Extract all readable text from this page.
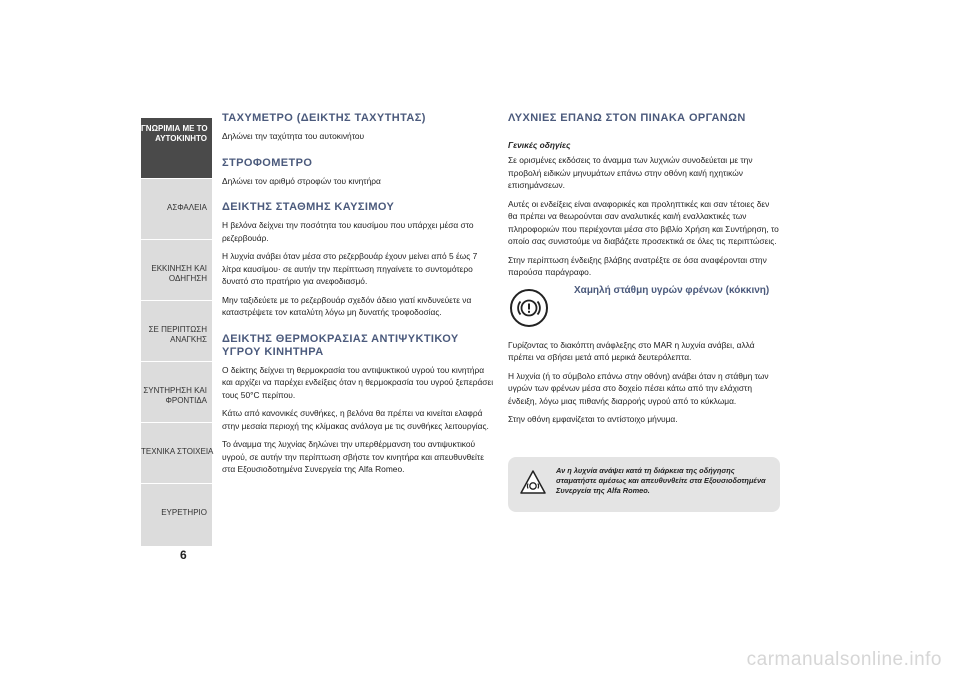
ΓΝΩΡΙΜΙΑ ΜΕ ΤΟ
ΑΥΤΟΚΙΝΗΤΟ
ΑΣΦΑΛΕΙΑ
ΕΚΚΙΝΗΣΗ ΚΑΙ
ΟΔΗΓΗΣΗ
ΣΕ ΠΕΡΙΠΤΩΣΗ
ΑΝΑΓΚΗΣ
ΣΥΝΤΗΡΗΣΗ ΚΑΙ
ΦΡΟΝΤΙΔΑ
ΤΕΧΝΙΚΑ ΣΤΟΙΧΕΙΑ
ΕΥΡΕΤΗΡΙΟ
6
ΤΑΧΥΜΕΤΡΟ (ΔΕΙΚΤΗΣ ΤΑΧΥΤΗΤΑΣ)

Δηλώνει την ταχύτητα του αυτοκινήτου

ΣΤΡΟΦΟΜΕΤΡΟ

Δηλώνει τον αριθμό στροφών του κινητήρα

ΔΕΙΚΤΗΣ ΣΤΑΘΜΗΣ ΚΑΥΣΙΜΟΥ

Η βελόνα δείχνει την ποσότητα του καυσίμου που υπάρχει μέσα στο ρεζερβουάρ.

Η λυχνία ανάβει όταν μέσα στο ρεζερβουάρ έχουν μείνει από 5 έως 7 λίτρα καυσίμου· σε αυτήν την περίπτωση πηγαίνετε το συντομότερο δυνατό στο πρατήριο για ανεφοδιασμό.

Μην ταξιδεύετε με το ρεζερβουάρ σχεδόν άδειο γιατί κινδυνεύετε να καταστρέψετε τον καταλύτη λόγω μη δυνατής τροφοδοσίας.

ΔΕΙΚΤΗΣ ΘΕΡΜΟΚΡΑΣΙΑΣ ΑΝΤΙΨΥΚΤΙΚΟΥ ΥΓΡΟΥ ΚΙΝΗΤΗΡΑ

Ο δείκτης δείχνει τη θερμοκρασία του αντιψυκτικού υγρού του κινητήρα και αρχίζει να παρέχει ενδείξεις όταν η θερμοκρασία του υγρού ξεπεράσει τους 50°C περίπου.

Κάτω από κανονικές συνθήκες, η βελόνα θα πρέπει να κινείται ελαφρά στην μεσαία περιοχή της κλίμακας ανάλογα με τις συνθήκες λειτουργίας.

Το άναμμα της λυχνίας δηλώνει την υπερθέρμανση του αντιψυκτικού υγρού, σε αυτήν την περίπτωση σβήστε τον κινητήρα και απευθυνθείτε στα Εξουσιοδοτημένα Συνεργεία της Alfa Romeo.

ΛΥΧΝΙΕΣ ΕΠΑΝΩ ΣΤΟΝ ΠΙΝΑΚΑ ΟΡΓΑΝΩΝ
Γενικές οδηγίες

Σε ορισμένες εκδόσεις το άναμμα των λυχνιών συνοδεύεται με την προβολή ειδικών μηνυμάτων επάνω στην οθόνη και/ή ηχητικών επισημάνσεων.

Αυτές οι ενδείξεις είναι αναφορικές και προληπτικές και σαν τέτοιες δεν θα πρέπει να θεωρούνται σαν αναλυτικές και/ή εναλλακτικές των πληροφοριών που περιέχονται μέσα στο βιβλίο Χρήση και Συντήρηση, το οποίο σας συνιστούμε να διαβάζετε προσεκτικά σε όλες τις περιπτώσεις.

Στην περίπτωση ένδειξης βλάβης ανατρέξτε σε όσα αναφέρονται στην παρούσα παράγραφο.

Χαμηλή στάθμη υγρών φρένων (κόκκινη)

Γυρίζοντας το διακόπτη ανάφλεξης στο MAR η λυχνία ανάβει, αλλά πρέπει να σβήσει μετά από μερικά δευτερόλεπτα.

Η λυχνία (ή το σύμβολο επάνω στην οθόνη) ανάβει όταν η στάθμη των υγρών των φρένων μέσα στο δοχείο πέσει κάτω από την ελάχιστη ένδειξη, λόγω μιας πιθανής διαρροής υγρού από το κύκλωμα.

Στην οθόνη εμφανίζεται το αντίστοιχο μήνυμα.

Αν η λυχνία ανάψει κατά τη διάρκεια της οδήγησης σταματήστε αμέσως και απευθυνθείτε στα Εξουσιοδοτημένα Συνεργεία της Alfa Romeo.
carmanualsonline.info
